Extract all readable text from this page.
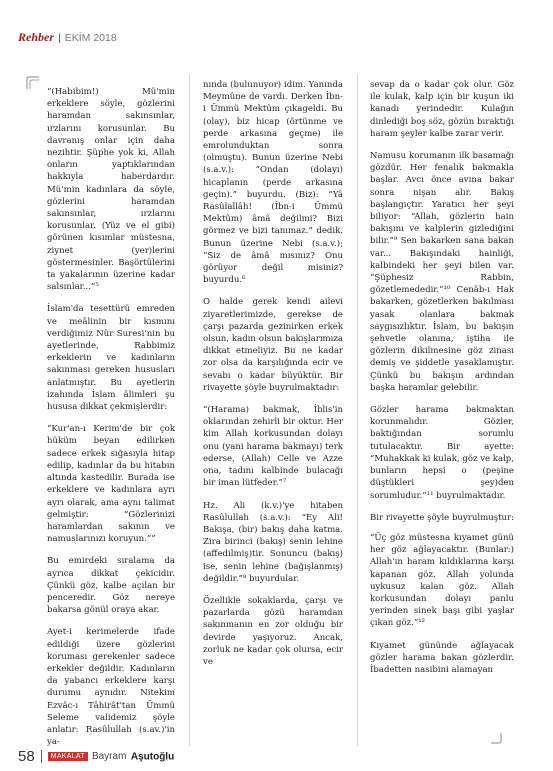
Rehber | EKİM 2018

“(Habibim!) Mü'min erkeklere söyle, gözlerini haramdan sakınsınlar, ırzlarını korusunlar. Bu davranış onlar için daha nezihtir. Şüphe yok ki, Allah onların yaptıklarından hakkıyla haberdardır. Mü'min kadınlara da söyle, gözlerini haramdan sakınsınlar, ırzlarını korusunlar. (Yüz ve el gibi) görünen kısımlar müstesna, ziynet (yer)lerini göstermesinler. Başörtülerini ta yakalarının üzerine kadar salsınlar...”⁵

İslam'da tesettürü emreden ve meâlinin bir kısmını verdiğimiz Nûr Suresi'nin bu ayetlerinde, Rabbimiz erkeklerin ve kadınların sakınması gereken hususları anlatmıştır. Bu ayetlerin izahında İslam âlimleri şu hususa dikkat çekmişlerdir:

“Kur'an-ı Kerim'de bir çok hüküm beyan edilirken sadece erkek sığasıyla hitap edilip, kadınlar da bu hitabın altında kastedilir. Burada ise erkeklere ve kadınlara ayrı ayrı olarak, ama aynı talimat gelmiştir: “Gözlerinizi haramlardan sakının ve namuslarınızı koruyun.””

Bu emirdeki sıralama da ayrıca dikkat çekicidir. Çünkü göz, kalbe açılan bir penceredir. Göz nereye bakarsa gönül oraya akar.

Ayet-i kerimelerde ifade edildiği üzere gözlerini koruması gerekenler sadece erkekler değildir. Kadınların da yabancı erkeklere karşı durumu aynıdır. Nitekim Ezvâc-ı Tâhirât'tan Ümmü Seleme validemiz şöyle anlatır: Rasûlullah (s.av.)'in ya-

nında (bulunuyor) idim. Yanında Meymûne de vardı. Derken İbn-i Ümmü Mektûm çıkageldi. Bu (olay), biz hicap (örtünme ve perde arkasına geçme) ile emrolunduktan sonra (olmuştu). Bunun üzerine Nebi (s.a.v.): “Ondan (dolayı) hicaplanın (perde arkasına geçin).” buyurdu. (Biz): “Yâ Rasûlallâh! (İbn-i Ümmü Mektûm) âmâ değilmi? Bizi görmez ve bizi tanımaz.” dedik. Bunun üzerine Nebi (s.a.v.); “Siz de âmâ mısınız? Onu görüyor değil misiniz? buyurdu.⁶

O halde gerek kendi ailevi ziyaretlerimizde, gerekse de çarşı pazarda gezinirken erkek olsun, kadın olsun bakışlarımıza dikkat etmeliyiz. Bu ne kadar zor olsa da karşılığında ecir ve sevabı o kadar büyüktür. Bir rivayette şöyle buyrulmaktadır:

“(Harama) bakmak, İblis'in oklarından zehirli bir oktur. Her kim Allah korkusundan dolayı onu (yani harama bakmayı) terk ederse, (Allah) Celle ve Azze ona, tadını kalbinde bulacağı bir iman lütfeder.”⁷

Hz. Ali (k.v.)'ye hitaben Rasûlullah (s.a.v.): “Ey Ali! Bakışa, (bir) bakış daha katma. Zira birinci (bakış) senin lehine (affedilmiş)tir. Sonuncu (bakış) ise, senin lehine (bağışlanmış) değildir.”⁸ buyurdular.

Özellikle sokaklarda, çarşı ve pazarlarda gözü haramdan sakınmanın en zor olduğu bir devirde yaşıyoruz. Ancak, zorluk ne kadar çok olursa, ecir ve

sevap da o kadar çok olur. Göz ile kulak, kalp için bir kuşun iki kanadı yerindedir. Kulağın dinlediği boş söz, gözün bıraktığı haram şeyler kalbe zarar verir.

Namusu korumanın ilk basamağı gözdür. Her fenalık bakmakla başlar. Avcı önce avına bakar sonra nişan alır. Bakış başlangıçtır. Yaratıcı her şeyi biliyor: “Allah, gözlerin hain bakışını ve kalplerin gizlediğini bilir.”⁹ Sen bakarken sana bakan var... Bakışındaki hainliği, kalbindeki her şeyi bilen var. “Şüphesiz Rabbin, gözetlemededir.”¹⁰ Cenâb-ı Hak bakarken, gözetlerken bakılması yasak olanlara bakmak saygısızlıktır. İslam, bu bakışın şehvetle olanına, iştiha ile gözlerin dikilmesine göz zinası demiş ve şiddetle yasaklamıştır. Çünkü bu bakışın ardından başka haramlar gelebilir.

Gözler harama bakmaktan korunmalıdır. Gözler, baktığından sorumlu tutulacaktır. Bir ayette: “Muhakkak ki kulak, göz ve kalp, bunların hepsi o (peşine düştükleri şey)den sorumludur.”¹¹ buyrulmaktadır.

Bir rivayette şöyle buyrulmuştur:

“Üç göz müstesna kıyamet günü her göz ağlayacaktır. (Bunlar:) Allah'ın haram kıldıklarına karşı kapanan göz. Allah yolunda uykusuz kalan göz. Allah korkusundan dolayı panlu yerinden sinek başı gibi yaşlar çıkan göz.”¹²

Kıyamet gününde ağlayacak gözler harama bakan gözlerdir. İbadetten nasibini alamayan

58 MAKALAT Bayram Aşutoğlu
